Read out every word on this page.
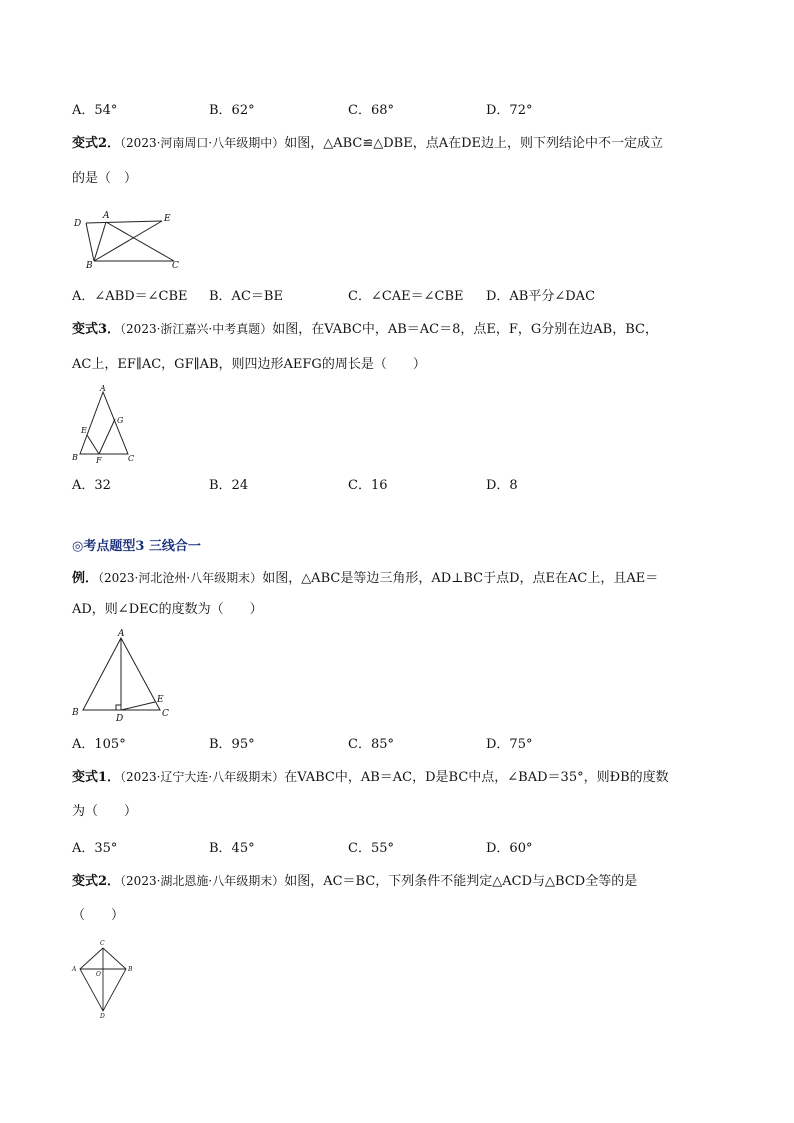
A．54°	B．62°	C．68°	D．72°
变式2．（2023·河南周口·八年级期中）如图，△ABC≌△DBE，点A在DE边上，则下列结论中不一定成立
的是（　）
D
A	E
B	C
A．∠ABD＝∠CBE B．AC＝BE	C．∠CAE＝∠CBE D．AB平分∠DAC
变式3．（2023·浙江嘉兴·中考真题）如图，在VABC中，AB＝AC＝8，点E，F，G分别在边AB，BC，
AC上，EF∥AC，GF∥AB，则四边形AEFG的周长是（　　）
A
E
G
B F	C
A．32	B．24	C．16	D．8
◎考点题型3 三线合一
例．（2023·河北沧州·八年级期末）如图，△ABC是等边三角形，AD⊥BC于点D，点E在AC上，且AE＝
AD，则∠DEC的度数为（　　）
A
B
D
E
C
A．105°	B．95°	C．85°	D．75°
变式1．（2023·辽宁大连·八年级期末）在VABC中，AB＝AC，D是BC中点，∠BAD＝35°，则ÐB的度数
为（　　）
A．35°	B．45°	C．55°	D．60°
变式2．（2023·湖北恩施·八年级期末）如图，AC＝BC，下列条件不能判定△ACD与△BCD全等的是
（　　）
C
A
O
B
D
